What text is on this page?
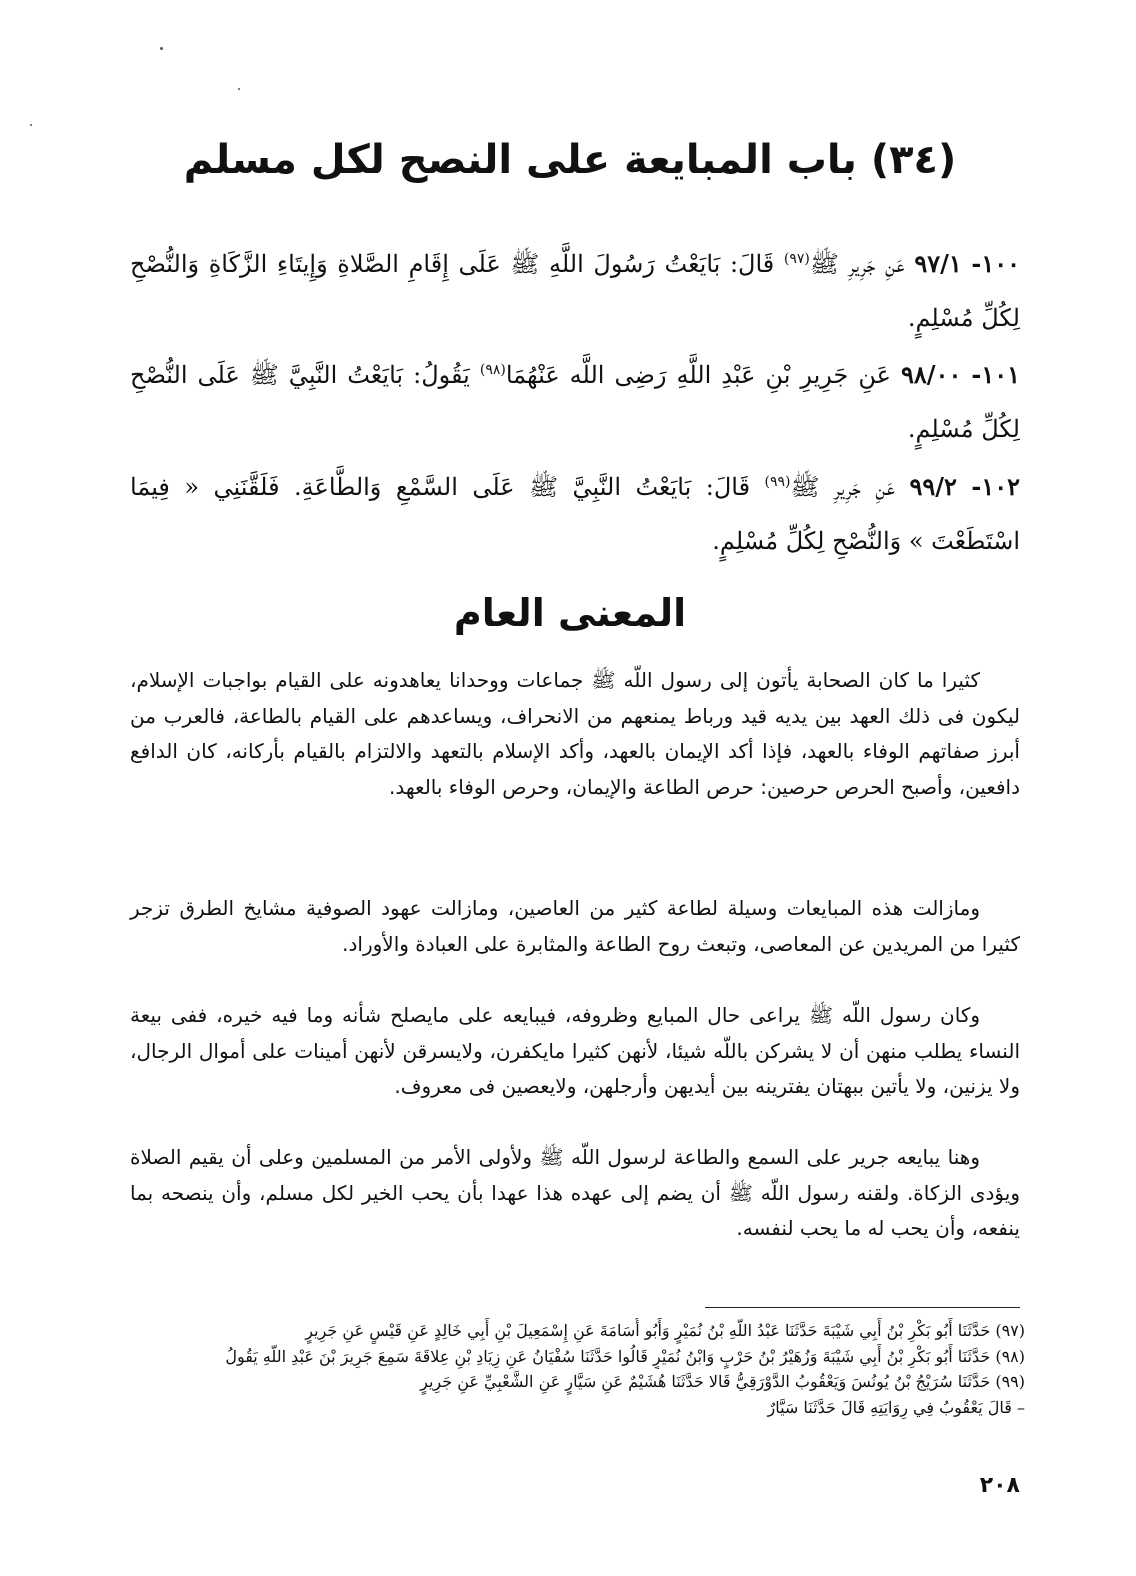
(٣٤) باب المبايعة على النصح لكل مسلم
١٠٠- ٩٧/١ عَنِ جَرِيرِ ﷺ$^{(٩٧)}$ قَالَ: بَايَعْتُ رَسُولَ اللَّهِ ﷺ عَلَى إِقَامِ الصَّلاةِ وَإِيتَاءِ الزَّكَاةِ وَالنُّصْحِ لِكُلِّ مُسْلِمٍ.
١٠١- ٩٨/٠٠ عَنِ جَرِيرِ بْنِ عَبْدِ اللَّهِ رَضِى اللَّه عَنْهُمَا$^{(٩٨)}$ يَقُولُ: بَايَعْتُ النَّبِيَّ ﷺ عَلَى النُّصْحِ لِكُلِّ مُسْلِمٍ.
١٠٢- ٩٩/٢ عَنِ جَرِيرِ ﷺ$^{(٩٩)}$ قَالَ: بَايَعْتُ النَّبِيَّ ﷺ عَلَى السَّمْعِ وَالطَّاعَةِ. فَلَقَّنَنِي « فِيمَا اسْتَطَعْتَ » وَالنُّصْحِ لِكُلِّ مُسْلِمٍ.
المعنى العام

كثيرا ما كان الصحابة يأتون إلى رسول اللّه ﷺ جماعات ووحدانا يعاهدونه على القيام بواجبات الإسلام، ليكون فى ذلك العهد بين يديه قيد ورباط يمنعهم من الانحراف، ويساعدهم على القيام بالطاعة، فالعرب من أبرز صفاتهم الوفاء بالعهد، فإذا أكد الإيمان بالعهد، وأكد الإسلام بالتعهد والالتزام بالقيام بأركانه، كان الدافع دافعين، وأصبح الحرص حرصين: حرص الطاعة والإيمان، وحرص الوفاء بالعهد.

ومازالت هذه المبايعات وسيلة لطاعة كثير من العاصين، ومازالت عهود الصوفية مشايخ الطرق تزجر كثيرا من المريدين عن المعاصى، وتبعث روح الطاعة والمثابرة على العبادة والأوراد.

وكان رسول اللّه ﷺ يراعى حال المبايع وظروفه، فيبايعه على مايصلح شأنه وما فيه خيره، ففى بيعة النساء يطلب منهن أن لا يشركن باللّه شيئا، لأنهن كثيرا مايكفرن، ولايسرقن لأنهن أمينات على أموال الرجال، ولا يزنين، ولا يأتين ببهتان يفترينه بين أيديهن وأرجلهن، ولايعصين فى معروف.

وهنا يبايعه جرير على السمع والطاعة لرسول اللّه ﷺ ولأولى الأمر من المسلمين وعلى أن يقيم الصلاة ويؤدى الزكاة. ولقنه رسول اللّه ﷺ أن يضم إلى عهده هذا عهدا بأن يحب الخير لكل مسلم، وأن ينصحه بما ينفعه، وأن يحب له ما يحب لنفسه.

(٩٧) حَدَّثَنَا أَبُو بَكْرِ بْنُ أَبِي شَيْبَةَ حَدَّثَنَا عَبْدُ اللّهِ بْنُ نُمَيْرٍ وَأَبُو أُسَامَةَ عَنِ إِسْمَعِيلَ بْنِ أَبِي خَالِدٍ عَنِ قَيْسٍ عَنِ جَرِيرٍ
(٩٨) حَدَّثَنَا أَبُو بَكْرِ بْنُ أَبِي شَيْبَةَ وَزُهَيْرُ بْنُ حَرْبٍ وَابْنُ نُمَيْرٍ قَالُوا حَدَّثَنَا سُفْيَانُ عَنِ زِيَادِ بْنِ عِلاقَةَ سَمِعَ جَرِيرَ بْنَ عَبْدِ اللّهِ يَقُولُ
(٩٩) حَدَّثَنَا سُرَيْجُ بْنُ يُونُسَ وَيَعْقُوبُ الدَّوْرَقِيُّ قَالا حَدَّثَنَا هُشَيْمٌ عَنِ سَيَّارٍ عَنِ الشَّعْبِيِّ عَنِ جَرِيرٍ
– قَالَ يَعْقُوبُ فِي رِوَايَتِهِ قَالَ حَدَّثَنَا سَيَّارٌ
٢٠٨
